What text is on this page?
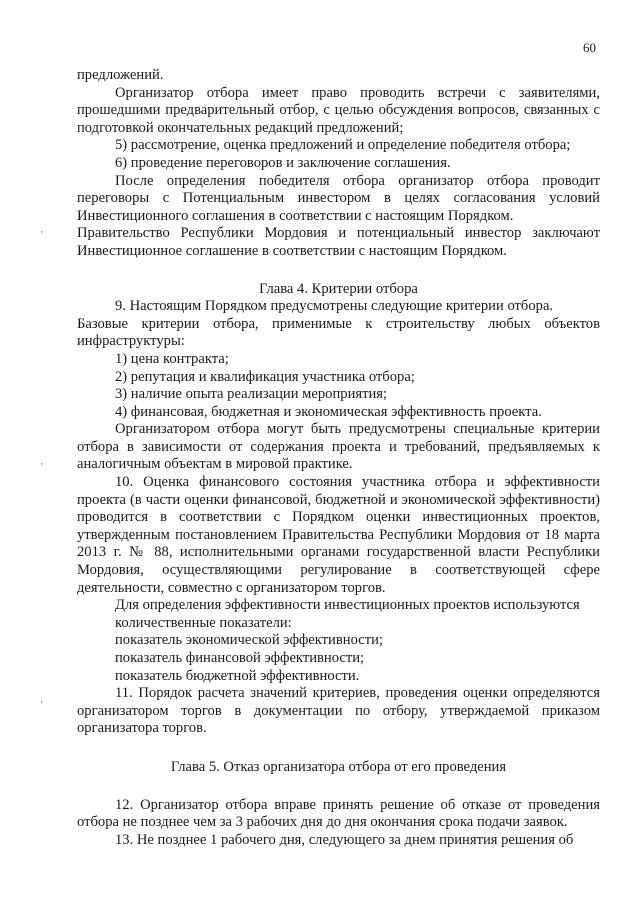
60
ʼ
ʼ
ʼ

предложений.

Организатор отбора имеет право проводить встречи с заявителями, прошедшими предварительный отбор, с целью обсуждения вопросов, связанных с подготовкой окончательных редакций предложений;

5) рассмотрение, оценка предложений и определение победителя отбора;

6) проведение переговоров и заключение соглашения.

После определения победителя отбора организатор отбора проводит переговоры с Потенциальным инвестором в целях согласования условий Инвестиционного соглашения в соответствии с настоящим Порядком.

Правительство Республики Мордовия и потенциальный инвестор заключают Инвестиционное соглашение в соответствии с настоящим Порядком.

Глава 4. Критерии отбора

9. Настоящим Порядком предусмотрены следующие критерии отбора.

Базовые критерии отбора, применимые к строительству любых объектов инфраструктуры:

1) цена контракта;

2) репутация и квалификация участника отбора;

3) наличие опыта реализации мероприятия;

4) финансовая, бюджетная и экономическая эффективность проекта.

Организатором отбора могут быть предусмотрены специальные критерии отбора в зависимости от содержания проекта и требований, предъявляемых к аналогичным объектам в мировой практике.

10. Оценка финансового состояния участника отбора и эффективности проекта (в части оценки финансовой, бюджетной и экономической эффективности) проводится в соответствии с Порядком оценки инвестиционных проектов, утвержденным постановлением Правительства Республики Мордовия от 18 марта 2013 г. № 88, исполнительными органами государственной власти Республики Мордовия, осуществляющими регулирование в соответствующей сфере деятельности, совместно с организатором торгов.

Для определения эффективности инвестиционных проектов используются количественные показатели:

показатель экономической эффективности;

показатель финансовой эффективности;

показатель бюджетной эффективности.

11. Порядок расчета значений критериев, проведения оценки определяются организатором торгов в документации по отбору, утверждаемой приказом организатора торгов.

Глава 5. Отказ организатора отбора от его проведения

12. Организатор отбора вправе принять решение об отказе от проведения отбора не позднее чем за 3 рабочих дня до дня окончания срока подачи заявок.

13. Не позднее 1 рабочего дня, следующего за днем принятия решения об
